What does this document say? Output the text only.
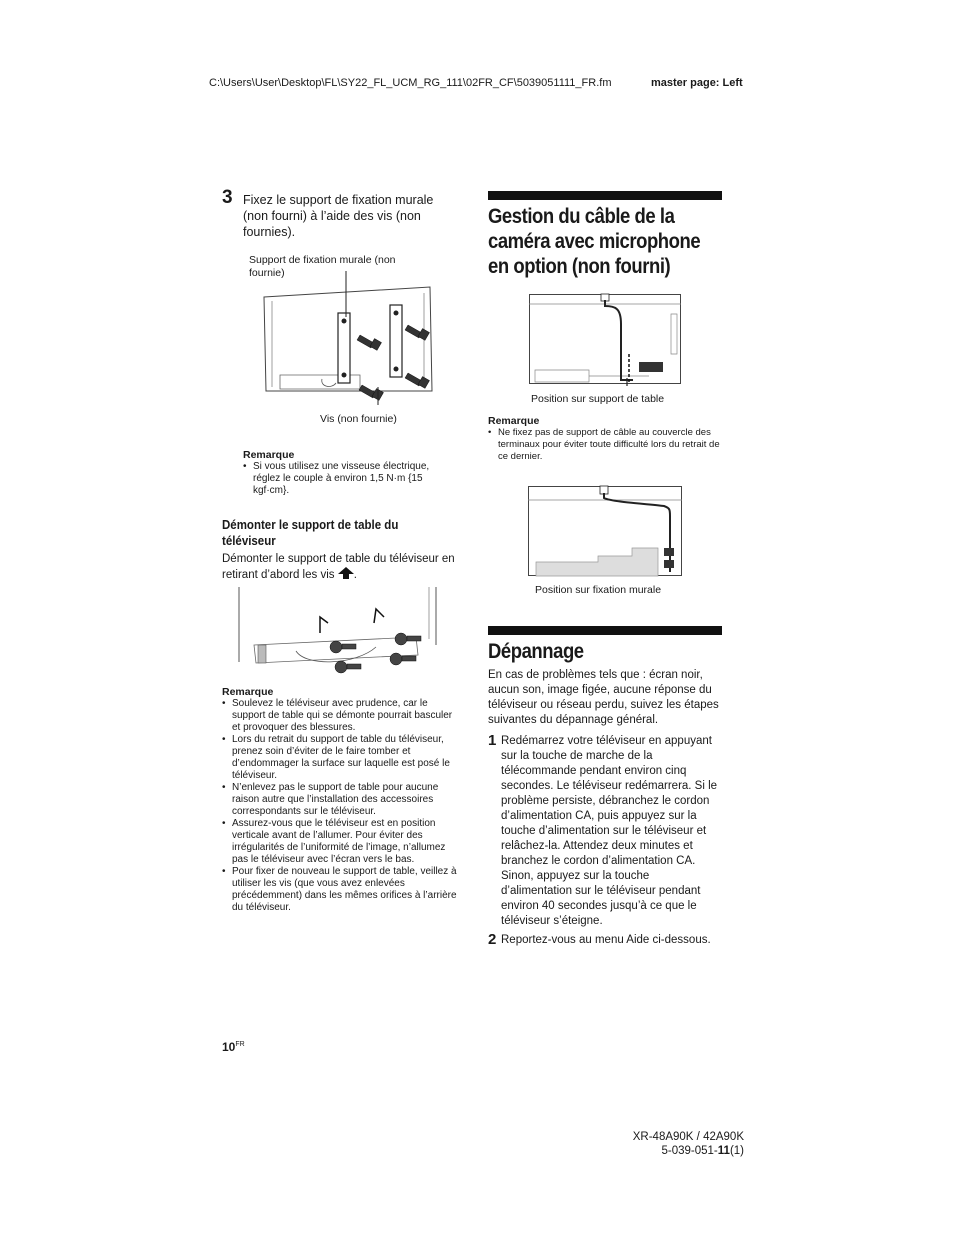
C:\Users\User\Desktop\FL\SY22_FL_UCM_RG_111\02FR_CF\5039051111_FR.fm	master page: Left
3 Fixez le support de fixation murale (non fourni) à l’aide des vis (non fournies).
Support de fixation murale (non fournie)
Vis (non fournie)
Remarque
• Si vous utilisez une visseuse électrique, réglez le couple à environ 1,5 N·m {15 kgf·cm}.
Démonter le support de table du téléviseur
Démonter le support de table du téléviseur en retirant d’abord les vis .
Remarque
• Soulevez le téléviseur avec prudence, car le support de table qui se démonte pourrait basculer et provoquer des blessures.
• Lors du retrait du support de table du téléviseur, prenez soin d’éviter de le faire tomber et d’endommager la surface sur laquelle est posé le téléviseur.
• N’enlevez pas le support de table pour aucune raison autre que l’installation des accessoires correspondants sur le téléviseur.
• Assurez-vous que le téléviseur est en position verticale avant de l’allumer. Pour éviter des irrégularités de l’uniformité de l’image, n’allumez pas le téléviseur avec l’écran vers le bas.
• Pour fixer de nouveau le support de table, veillez à utiliser les vis (que vous avez enlevées précédemment) dans les mêmes orifices à l’arrière du téléviseur.
Gestion du câble de la caméra avec microphone en option (non fourni)
Position sur support de table
Remarque
• Ne fixez pas de support de câble au couvercle des terminaux pour éviter toute difficulté lors du retrait de ce dernier.
Position sur fixation murale
Dépannage
En cas de problèmes tels que : écran noir, aucun son, image figée, aucune réponse du téléviseur ou réseau perdu, suivez les étapes suivantes du dépannage général.
1 Redémarrez votre téléviseur en appuyant sur la touche de marche de la télécommande pendant environ cinq secondes. Le téléviseur redémarrera. Si le problème persiste, débranchez le cordon d’alimentation CA, puis appuyez sur la touche d’alimentation sur le téléviseur et relâchez-la. Attendez deux minutes et branchez le cordon d’alimentation CA. Sinon, appuyez sur la touche d’alimentation sur le téléviseur pendant environ 40 secondes jusqu’à ce que le téléviseur s’éteigne.
2 Reportez-vous au menu Aide ci-dessous.
$10^{FR}$
XR-48A90K / 42A90K
5-039-051-11(1)
